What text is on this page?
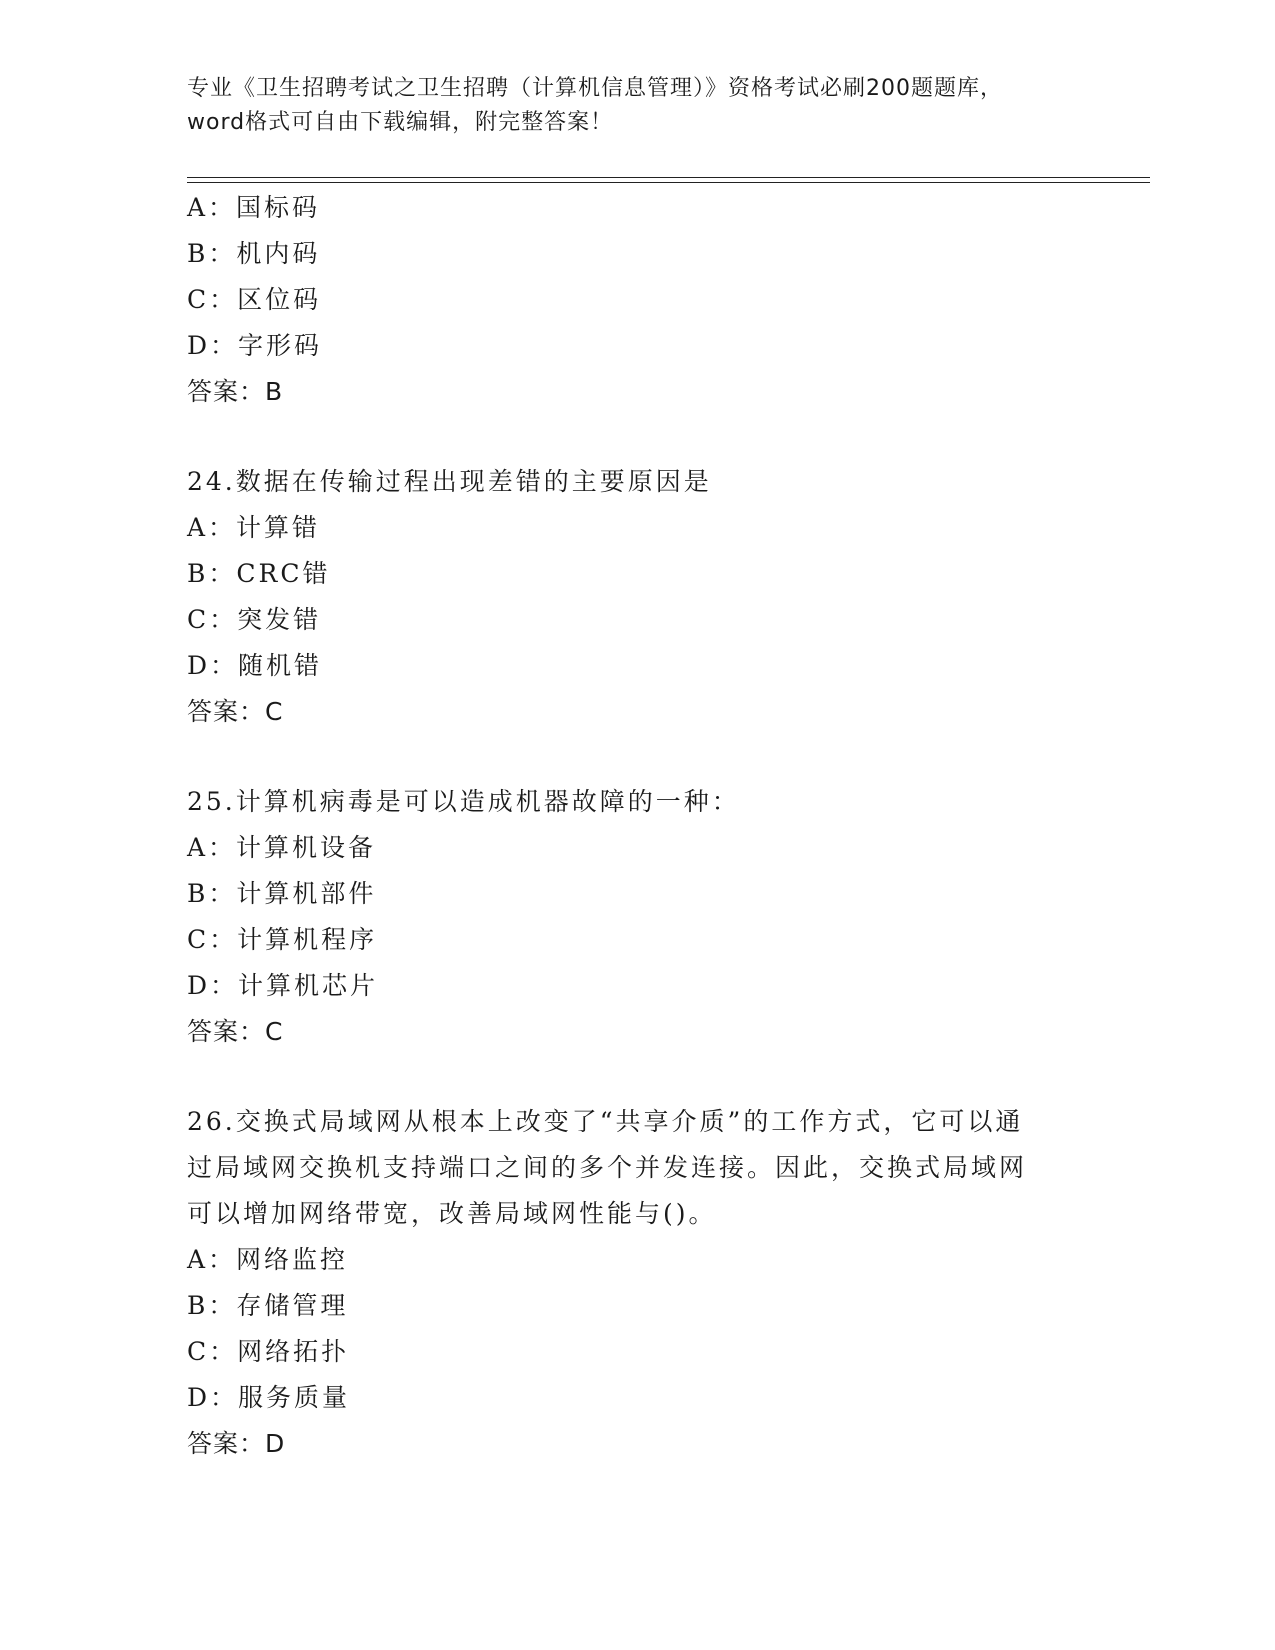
专业《卫生招聘考试之卫生招聘（计算机信息管理）》资格考试必刷200题题库，
word格式可自由下载编辑，附完整答案！
A：国标码
B：机内码
C：区位码
D：字形码
答案：B
24.数据在传输过程出现差错的主要原因是
A：计算错
B：CRC错
C：突发错
D：随机错
答案：C
25.计算机病毒是可以造成机器故障的一种：
A：计算机设备
B：计算机部件
C：计算机程序
D：计算机芯片
答案：C
26.交换式局域网从根本上改变了“共享介质”的工作方式，它可以通
过局域网交换机支持端口之间的多个并发连接。因此，交换式局域网
可以增加网络带宽，改善局域网性能与()。
A：网络监控
B：存储管理
C：网络拓扑
D：服务质量
答案：D
